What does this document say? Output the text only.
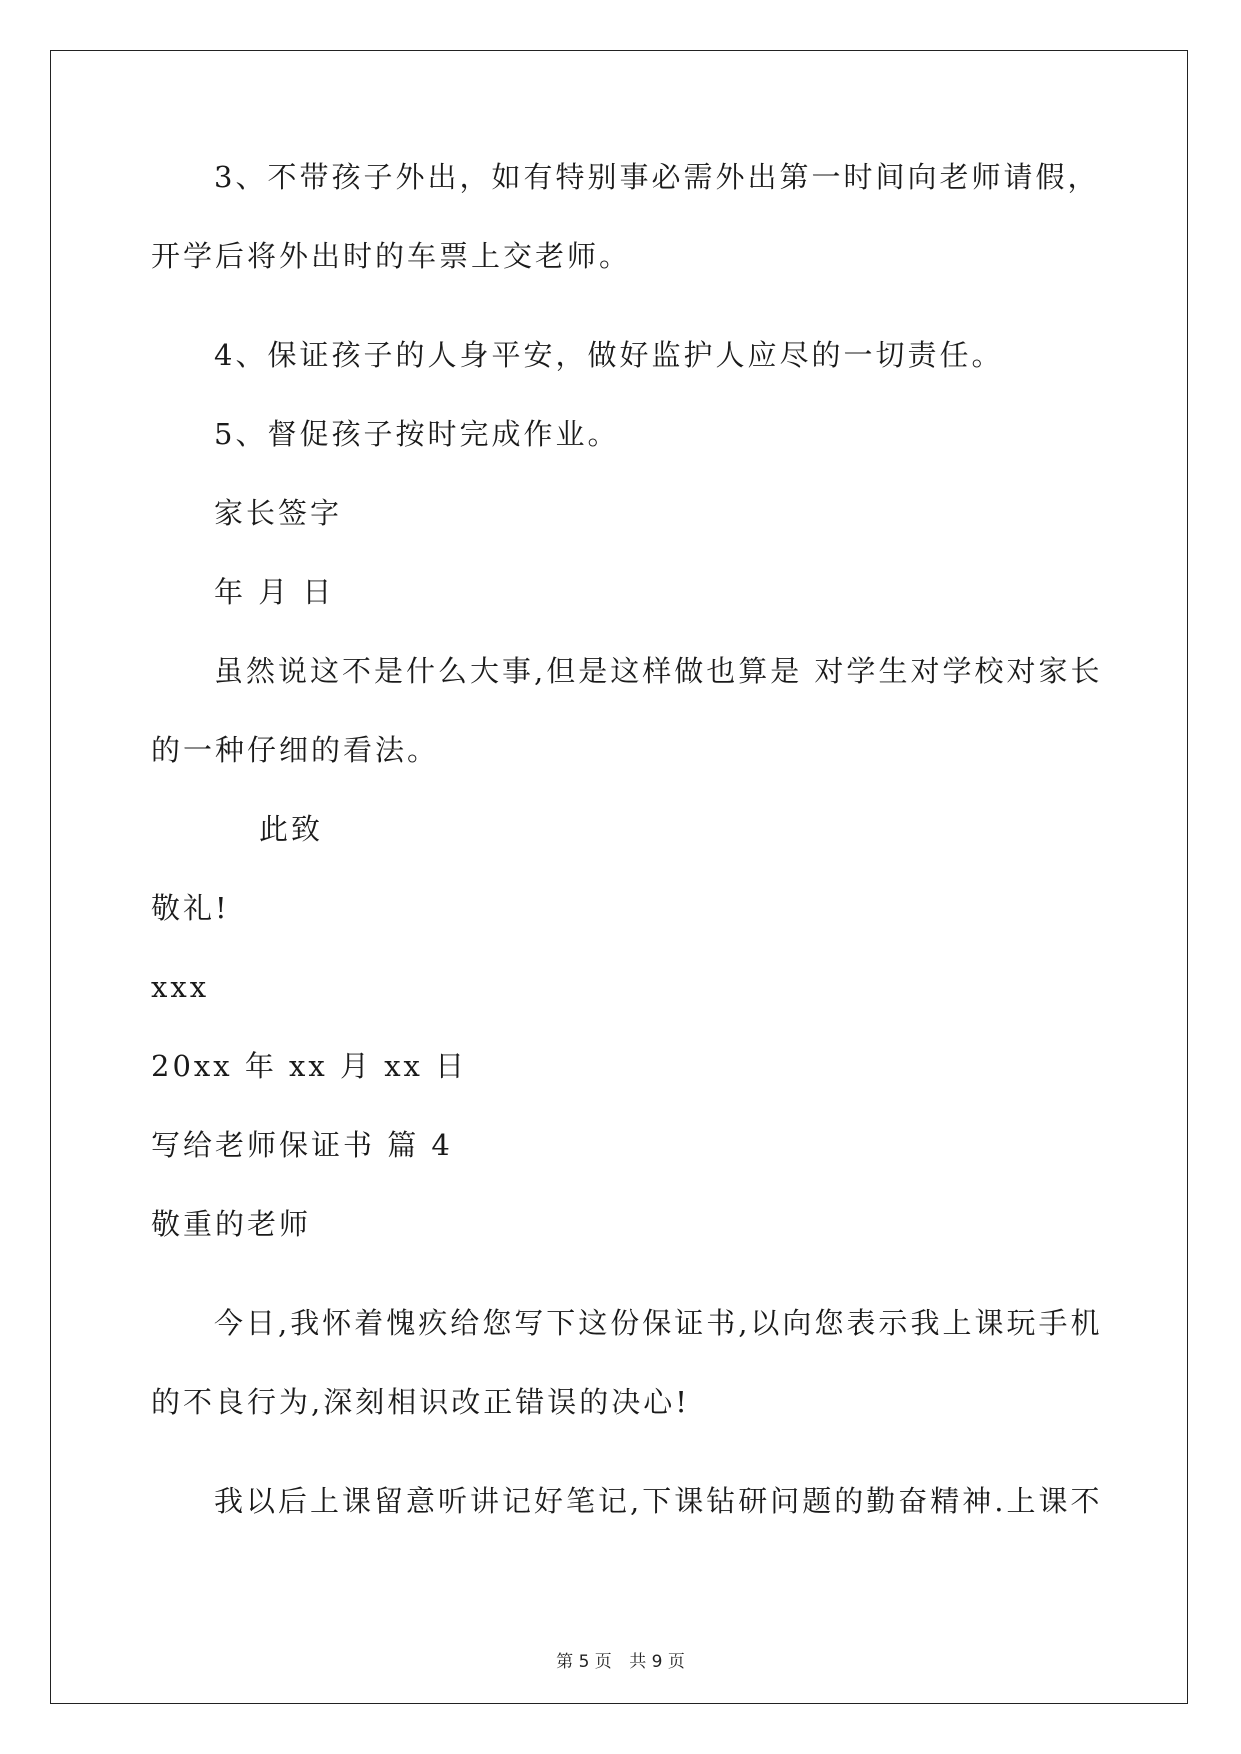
3、不带孩子外出，如有特别事必需外出第一时间向老师请假，
开学后将外出时的车票上交老师。
4、保证孩子的人身平安，做好监护人应尽的一切责任。
5、督促孩子按时完成作业。
家长签字
年 月 日
虽然说这不是什么大事,但是这样做也算是 对学生对学校对家长
的一种仔细的看法。
此致
敬礼!
xxx
20xx 年 xx 月 xx 日
写给老师保证书 篇 4
敬重的老师
今日,我怀着愧疚给您写下这份保证书,以向您表示我上课玩手机
的不良行为,深刻相识改正错误的决心!
我以后上课留意听讲记好笔记,下课钻研问题的勤奋精神.上课不
第 5 页 共 9 页
